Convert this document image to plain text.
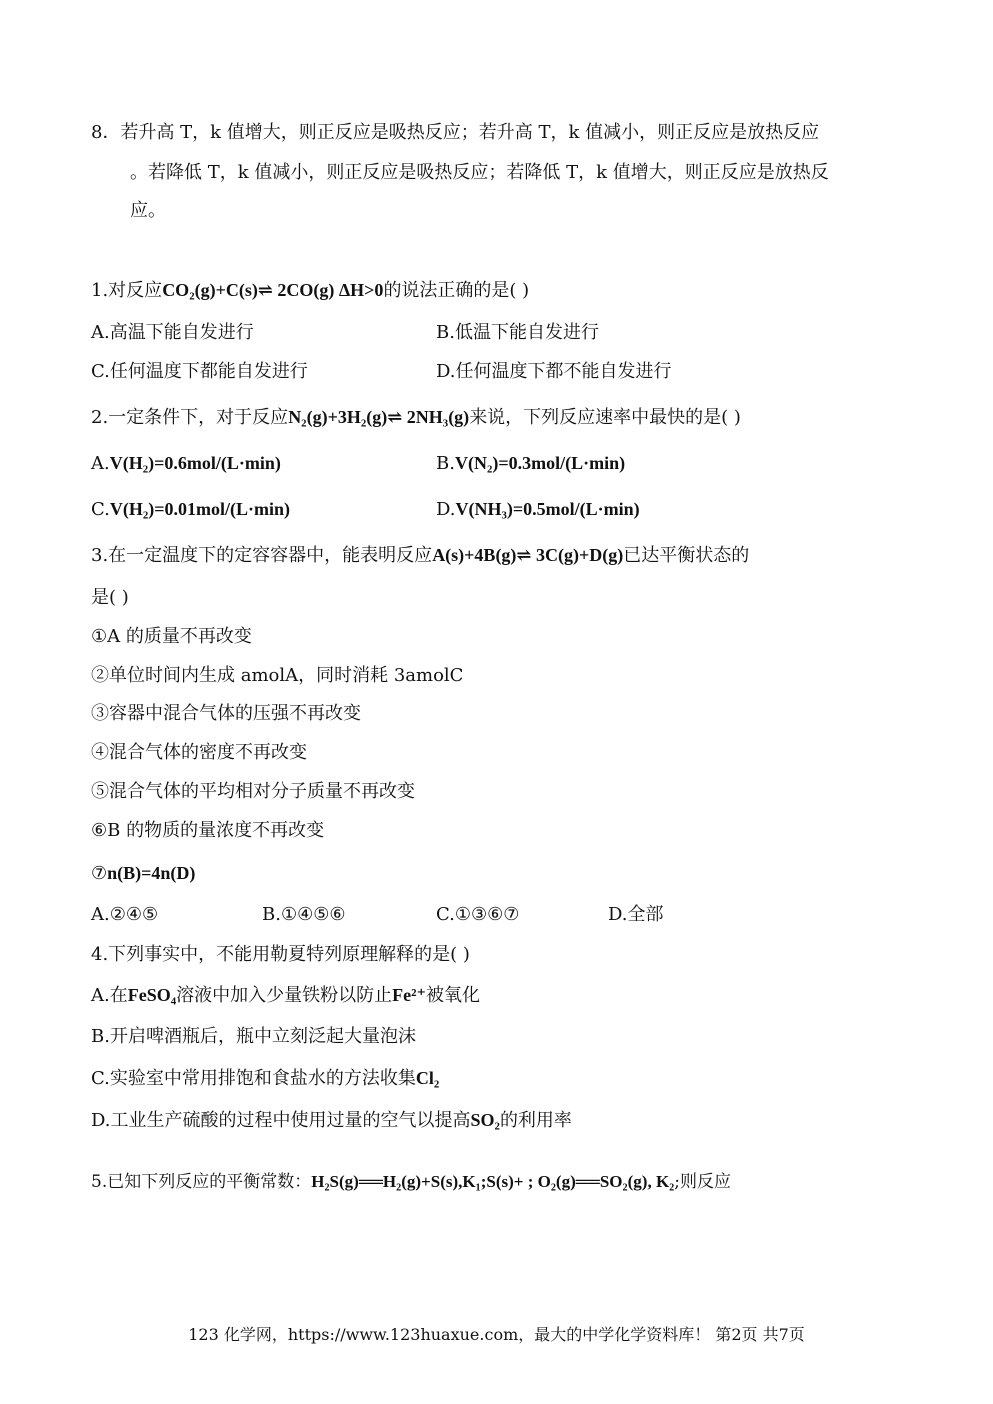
8．若升高 T，k 值增大，则正反应是吸热反应；若升高 T，k 值减小，则正反应是放热反应
。若降低 T，k 值减小，则正反应是吸热反应；若降低 T，k 值增大，则正反应是放热反
应。
1.对反应CO₂(g)+C(s)⇌ 2CO(g) ΔH>0的说法正确的是( )
A.高温下能自发进行	B.低温下能自发进行
C.任何温度下都能自发进行	D.任何温度下都不能自发进行
2.一定条件下，对于反应N₂(g)+3H₂(g)⇌ 2NH₃(g)来说，下列反应速率中最快的是( )
A.V(H₂)=0.6mol/(L·min)	B.V(N₂)=0.3mol/(L·min)
C.V(H₂)=0.01mol/(L·min)	D.V(NH₃)=0.5mol/(L·min)
3.在一定温度下的定容容器中，能表明反应A(s)+4B(g)⇌ 3C(g)+D(g)已达平衡状态的
是( )
①A 的质量不再改变
②单位时间内生成 amolA，同时消耗 3amolC
③容器中混合气体的压强不再改变
④混合气体的密度不再改变
⑤混合气体的平均相对分子质量不再改变
⑥B 的物质的量浓度不再改变
⑦n(B)=4n(D)
A.②④⑤	B.①④⑤⑥	C.①③⑥⑦	D.全部
4.下列事实中，不能用勒夏特列原理解释的是( )
A.在FeSO₄溶液中加入少量铁粉以防止Fe²⁺被氧化
B.开启啤酒瓶后，瓶中立刻泛起大量泡沫
C.实验室中常用排饱和食盐水的方法收集Cl₂
D.工业生产硫酸的过程中使用过量的空气以提高SO₂的利用率
5.已知下列反应的平衡常数：H₂S(g)══H₂(g)+S(s),K₁;S(s)+ ; O₂(g)══SO₂(g), K₂;则反应
123 化学网，https://www.123huaxue.com，最大的中学化学资料库！ 第2页 共7页
